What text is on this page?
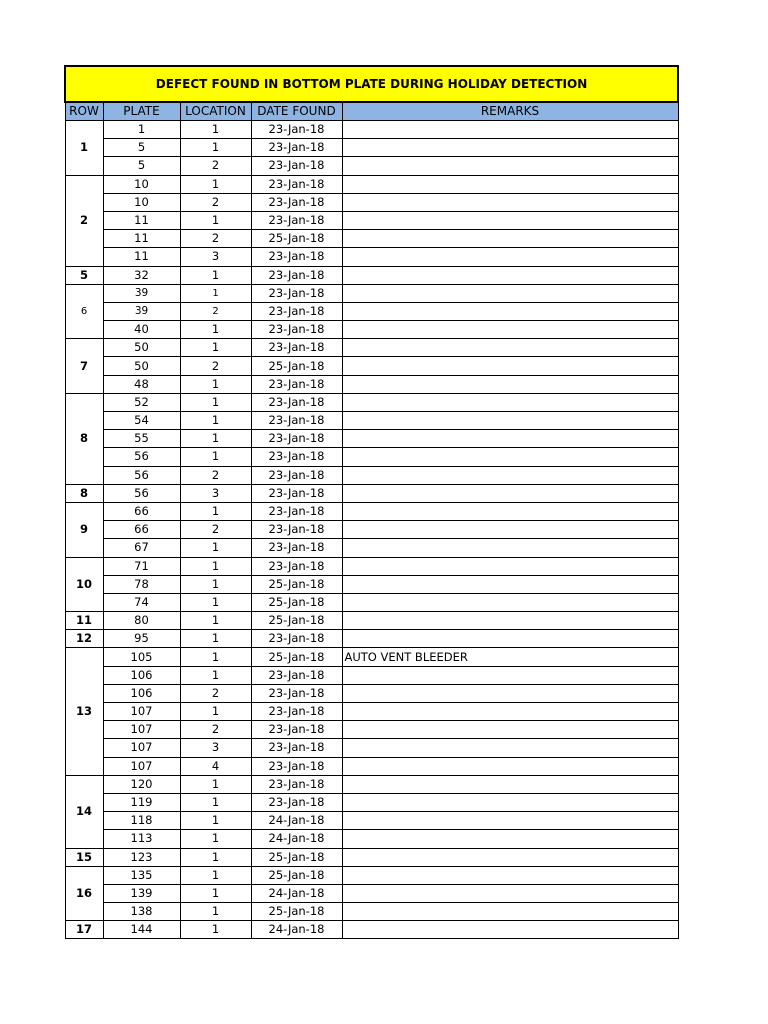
DEFECT FOUND IN BOTTOM PLATE DURING HOLIDAY DETECTION				
ROW	PLATE	LOCATION	DATE FOUND	REMARKS
1	1	1	23-Jan-18	
	5	1	23-Jan-18	
	5	2	23-Jan-18	
2	10	1	23-Jan-18	
	10	2	23-Jan-18	
	11	1	23-Jan-18	
	11	2	25-Jan-18	
	11	3	23-Jan-18	
5	32	1	23-Jan-18	
6	39	1	23-Jan-18	
	39	2	23-Jan-18	
	40	1	23-Jan-18	
7	50	1	23-Jan-18	
	50	2	25-Jan-18	
	48	1	23-Jan-18	
8	52	1	23-Jan-18	
	54	1	23-Jan-18	
	55	1	23-Jan-18	
	56	1	23-Jan-18	
	56	2	23-Jan-18	
8	56	3	23-Jan-18	
9	66	1	23-Jan-18	
	66	2	23-Jan-18	
	67	1	23-Jan-18	
10	71	1	23-Jan-18	
	78	1	25-Jan-18	
	74	1	25-Jan-18	
11	80	1	25-Jan-18	
12	95	1	23-Jan-18	
13	105	1	25-Jan-18	AUTO VENT BLEEDER
	106	1	23-Jan-18	
	106	2	23-Jan-18	
	107	1	23-Jan-18	
	107	2	23-Jan-18	
	107	3	23-Jan-18	
	107	4	23-Jan-18	
14	120	1	23-Jan-18	
	119	1	23-Jan-18	
	118	1	24-Jan-18	
	113	1	24-Jan-18	
15	123	1	25-Jan-18	
16	135	1	25-Jan-18	
	139	1	24-Jan-18	
	138	1	25-Jan-18	
17	144	1	24-Jan-18	
